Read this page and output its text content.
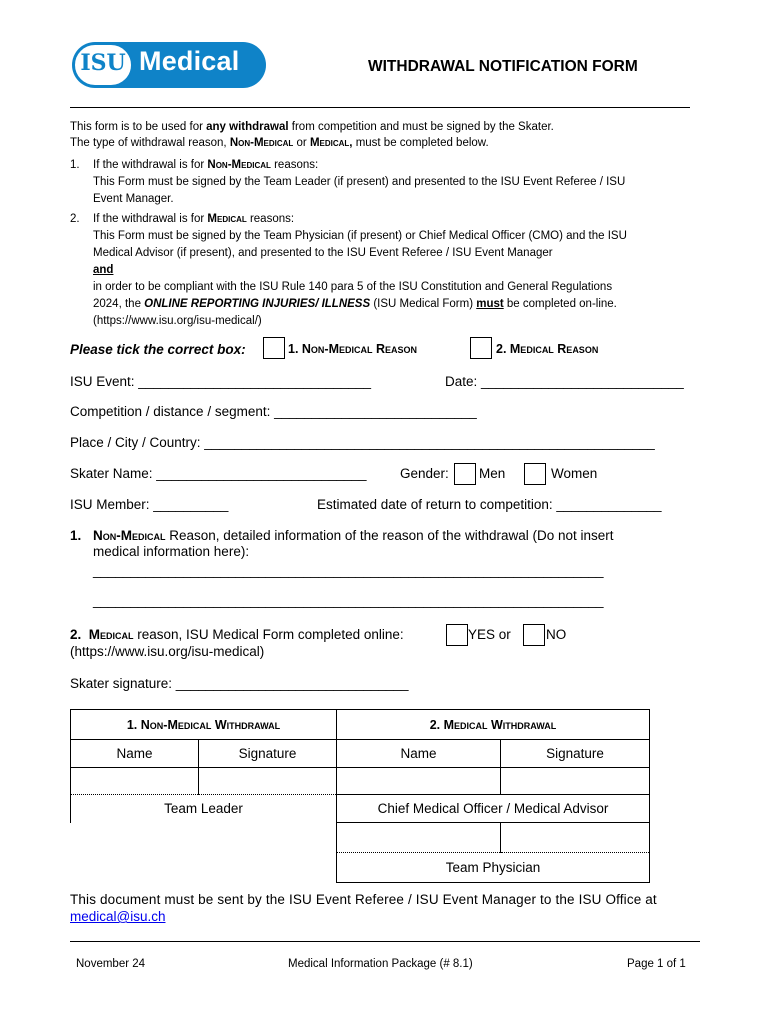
ISU Medical	WITHDRAWAL NOTIFICATION FORM
This form is to be used for any withdrawal from competition and must be signed by the Skater.
The type of withdrawal reason, Non-Medical or Medical, must be completed below.
1. If the withdrawal is for Non-Medical reasons:
This Form must be signed by the Team Leader (if present) and presented to the ISU Event Referee / ISU
Event Manager.
2. If the withdrawal is for Medical reasons:
This Form must be signed by the Team Physician (if present) or Chief Medical Officer (CMO) and the ISU
Medical Advisor (if present), and presented to the ISU Event Referee / ISU Event Manager
and
in order to be compliant with the ISU Rule 140 para 5 of the ISU Constitution and General Regulations
2024, the ONLINE REPORTING INJURIES/ ILLNESS (ISU Medical Form) must be completed on-line.
(https://www.isu.org/isu-medical/)
Please tick the correct box:	1. Non-Medical Reason	2. Medical Reason
ISU Event: _______________________________	Date: ___________________________
Competition / distance / segment: ___________________________
Place / City / Country: ____________________________________________________________
Skater Name: ____________________________ Gender: Men	Women
ISU Member: __________	Estimated date of return to competition: ______________
1. Non-Medical Reason, detailed information of the reason of the withdrawal (Do not insert
medical information here):
____________________________________________________________________
____________________________________________________________________
2. Medical reason, ISU Medical Form completed online:
(https://www.isu.org/isu-medical)
YES or	NO
Skater signature: _______________________________
1. Non-Medical Withdrawal		2. Medical Withdrawal	
Name	Signature	Name	Signature

Team Leader		Chief Medical Officer / Medical Advisor	

		Team Physician	
This document must be sent by the ISU Event Referee / ISU Event Manager to the ISU Office at
medical@isu.ch
November 24	Medical Information Package (# 8.1)	Page 1 of 1
